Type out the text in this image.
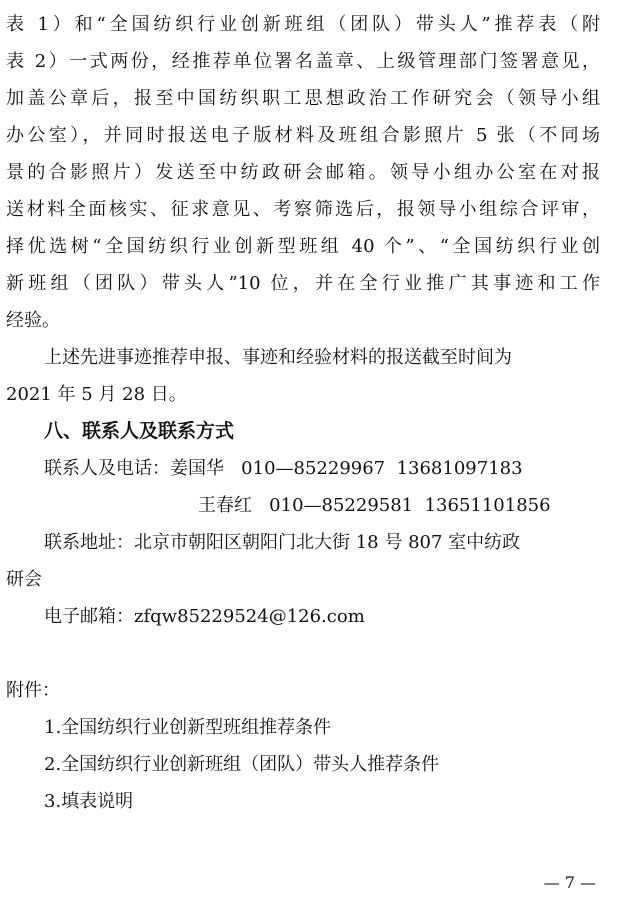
表 1）和“全国纺织行业创新班组（团队）带头人”推荐表（附
表 2）一式两份，经推荐单位署名盖章、上级管理部门签署意见，
加盖公章后，报至中国纺织职工思想政治工作研究会（领导小组
办公室），并同时报送电子版材料及班组合影照片 5 张（不同场
景的合影照片）发送至中纺政研会邮箱。领导小组办公室在对报
送材料全面核实、征求意见、考察筛选后，报领导小组综合评审，
择优选树“全国纺织行业创新型班组 40 个”、“全国纺织行业创
新班组（团队）带头人”10 位，并在全行业推广其事迹和工作
经验。
上述先进事迹推荐申报、事迹和经验材料的报送截至时间为
2021 年 5 月 28 日。
八、联系人及联系方式
联系人及电话：姜国华   010—85229967  13681097183
王春红   010—85229581  13651101856
联系地址：北京市朝阳区朝阳门北大街 18 号 807 室中纺政
研会
电子邮箱：zfqw85229524@126.com
附件：
1.全国纺织行业创新型班组推荐条件
2.全国纺织行业创新班组（团队）带头人推荐条件
3.填表说明
— 7 —
